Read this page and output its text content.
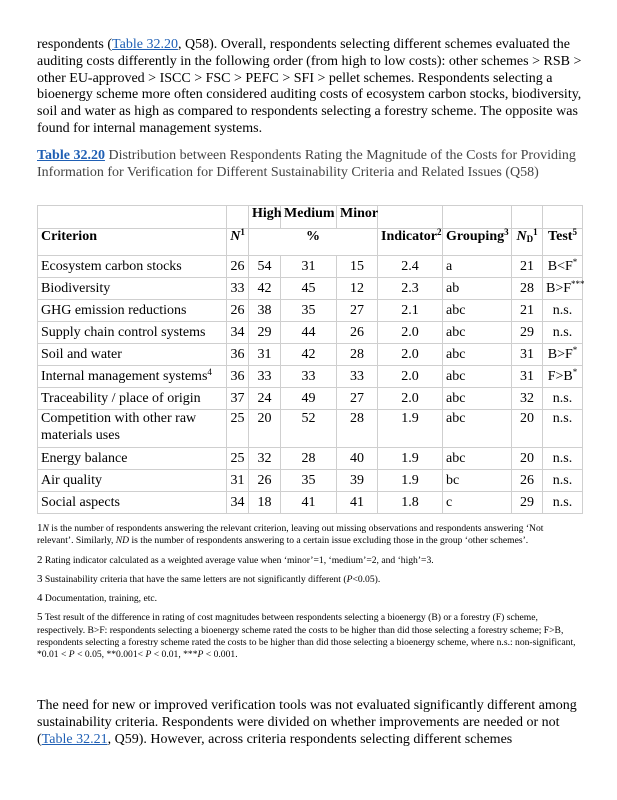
respondents (Table 32.20, Q58). Overall, respondents selecting different schemes evaluated the auditing costs differently in the following order (from high to low costs): other schemes > RSB > other EU-approved > ISCC > FSC > PEFC > SFI > pellet schemes. Respondents selecting a bioenergy scheme more often considered auditing costs of ecosystem carbon stocks, biodiversity, soil and water as high as compared to respondents selecting a forestry scheme. The opposite was found for internal management systems.

Table 32.20 Distribution between Respondents Rating the Magnitude of the Costs for Providing Information for Verification for Different Sustainability Criteria and Related Issues (Q58)
		High	Medium	Minor				
Criterion	$N^1$	%			Indicator$^2$	Grouping$^3$	$N_D^1$	Test$^5$
Ecosystem carbon stocks	26	54	31	15	2.4	a	21	B<F*
Biodiversity	33	42	45	12	2.3	ab	28	B>F***
GHG emission reductions	26	38	35	27	2.1	abc	21	n.s.
Supply chain control systems	34	29	44	26	2.0	abc	29	n.s.
Soil and water	36	31	42	28	2.0	abc	31	B>F*
Internal management systems$^4$	36	33	33	33	2.0	abc	31	F>B*
Traceability / place of origin	37	24	49	27	2.0	abc	32	n.s.
Competition with other raw materials uses	25	20	52	28	1.9	abc	20	n.s.
Energy balance	25	32	28	40	1.9	abc	20	n.s.
Air quality	31	26	35	39	1.9	bc	26	n.s.
Social aspects	34	18	41	41	1.8	c	29	n.s.

1N is the number of respondents answering the relevant criterion, leaving out missing observations and respondents answering ‘Not relevant’. Similarly, ND is the number of respondents answering to a certain issue excluding those in the group ‘other schemes’.

2 Rating indicator calculated as a weighted average value when ‘minor’=1, ‘medium’=2, and ‘high’=3.

3 Sustainability criteria that have the same letters are not significantly different (P<0.05).

4 Documentation, training, etc.

5 Test result of the difference in rating of cost magnitudes between respondents selecting a bioenergy (B) or a forestry (F) scheme, respectively. B>F: respondents selecting a bioenergy scheme rated the costs to be higher than did those selecting a forestry scheme; F>B, respondents selecting a forestry scheme rated the costs to be higher than did those selecting a bioenergy scheme, where n.s.: non-significant, *0.01 < P < 0.05, **0.001< P < 0.01, ***P < 0.001.

The need for new or improved verification tools was not evaluated significantly different among sustainability criteria. Respondents were divided on whether improvements are needed or not (Table 32.21, Q59). However, across criteria respondents selecting different schemes
